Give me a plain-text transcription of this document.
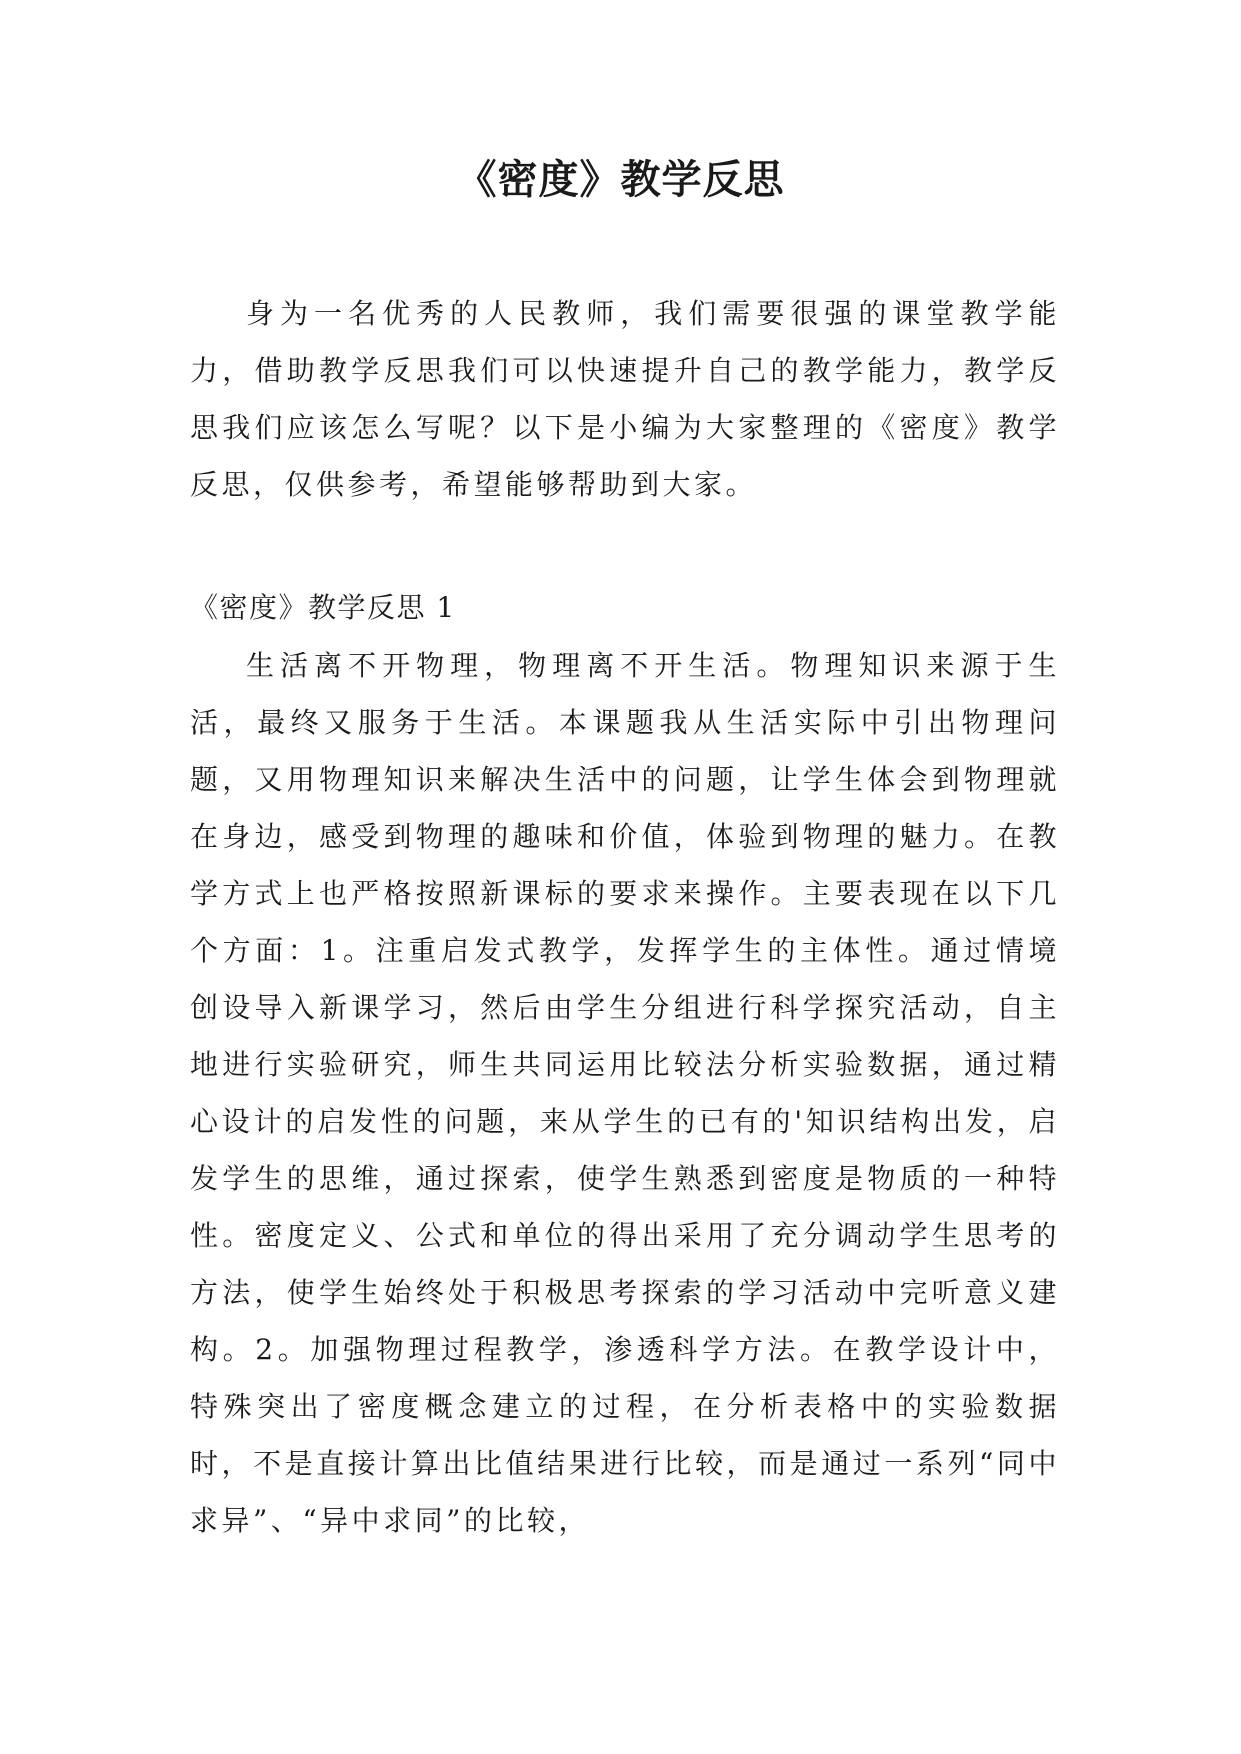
《密度》教学反思

身为一名优秀的人民教师，我们需要很强的课堂教学能力，借助教学反思我们可以快速提升自己的教学能力，教学反思我们应该怎么写呢？以下是小编为大家整理的《密度》教学反思，仅供参考，希望能够帮助到大家。

《密度》教学反思 1

生活离不开物理，物理离不开生活。物理知识来源于生活，最终又服务于生活。本课题我从生活实际中引出物理问题，又用物理知识来解决生活中的问题，让学生体会到物理就在身边，感受到物理的趣味和价值，体验到物理的魅力。在教学方式上也严格按照新课标的要求来操作。主要表现在以下几个方面：1。注重启发式教学，发挥学生的主体性。通过情境创设导入新课学习，然后由学生分组进行科学探究活动，自主地进行实验研究，师生共同运用比较法分析实验数据，通过精心设计的启发性的问题，来从学生的已有的'知识结构出发，启发学生的思维，通过探索，使学生熟悉到密度是物质的一种特性。密度定义、公式和单位的得出采用了充分调动学生思考的方法，使学生始终处于积极思考探索的学习活动中完听意义建构。2。加强物理过程教学，渗透科学方法。在教学设计中，特殊突出了密度概念建立的过程，在分析表格中的实验数据时，不是直接计算出比值结果进行比较，而是通过一系列“同中求异”、“异中求同”的比较，
